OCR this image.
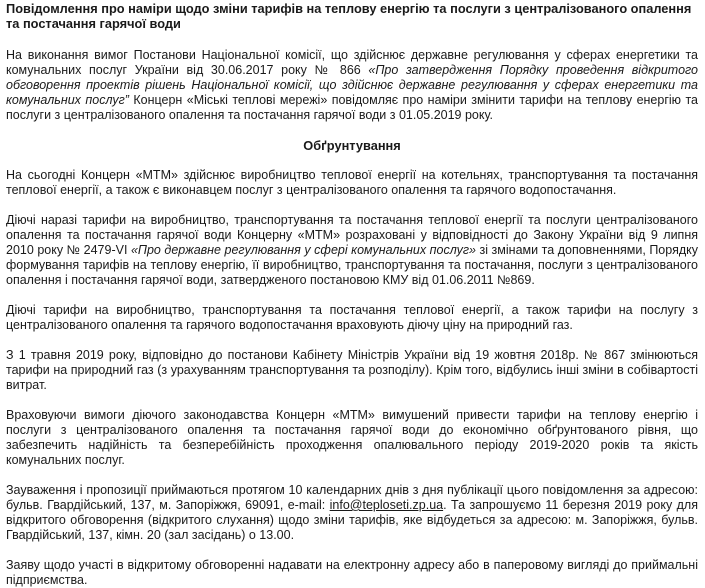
Повідомлення про наміри щодо зміни тарифів на теплову енергію та послуги з централізованого опалення та постачання гарячої води

На виконання вимог Постанови Національної комісії, що здійснює державне регулювання у сферах енергетики та комунальних послуг України від 30.06.2017 року № 866 «Про затвердження Порядку проведення відкритого обговорення проектів рішень Національної комісії, що здійснює державне регулювання у сферах енергетики та комунальних послуг” Концерн «Міські теплові мережі» повідомляє про наміри змінити тарифи на теплову енергію та послуги з централізованого опалення та постачання гарячої води з 01.05.2019 року.

Обґрунтування

На сьогодні Концерн «МТМ» здійснює виробництво теплової енергії на котельнях, транспортування та постачання теплової енергії, а також є виконавцем послуг з централізованого опалення та гарячого водопостачання.

Діючі наразі тарифи на виробництво, транспортування та постачання теплової енергії та послуги централізованого опалення та постачання гарячої води Концерну «МТМ» розраховані у відповідності до Закону України від 9 липня 2010 року № 2479-VI «Про державне регулювання у сфері комунальних послуг» зі змінами та доповненнями, Порядку формування тарифів на теплову енергію, її виробництво, транспортування та постачання, послуги з централізованого опалення і постачання гарячої води, затвердженого постановою КМУ від 01.06.2011 №869.

Діючі тарифи на виробництво, транспортування та постачання теплової енергії, а також тарифи на послугу з централізованого опалення та гарячого водопостачання враховують діючу ціну на природний газ.

З 1 травня 2019 року, відповідно до постанови Кабінету Міністрів України від 19 жовтня 2018р. № 867 змінюються тарифи на природний газ (з урахуванням транспортування та розподілу). Крім того, відбулись інші зміни в собівартості витрат.

Враховуючи вимоги діючого законодавства Концерн «МТМ» вимушений привести тарифи на теплову енергію і послуги з централізованого опалення та постачання гарячої води до економічно обґрунтованого рівня, що забезпечить надійність та безперебійність проходження опалювального періоду 2019-2020 років та якість комунальних послуг.

Зауваження і пропозиції приймаються протягом 10 календарних днів з дня публікації цього повідомлення за адресою: бульв. Гвардійський, 137, м. Запоріжжя, 69091, e-mail: info@teploseti.zp.ua. Та запрошуємо 11 березня 2019 року для відкритого обговорення (відкритого слухання) щодо зміни тарифів, яке відбудеться за адресою: м. Запоріжжя, бульв. Гвардійський, 137, кімн. 20 (зал засідань) о 13.00.

Заяву щодо участі в відкритому обговоренні надавати на електронну адресу або в паперовому вигляді до приймальні підприємства.
